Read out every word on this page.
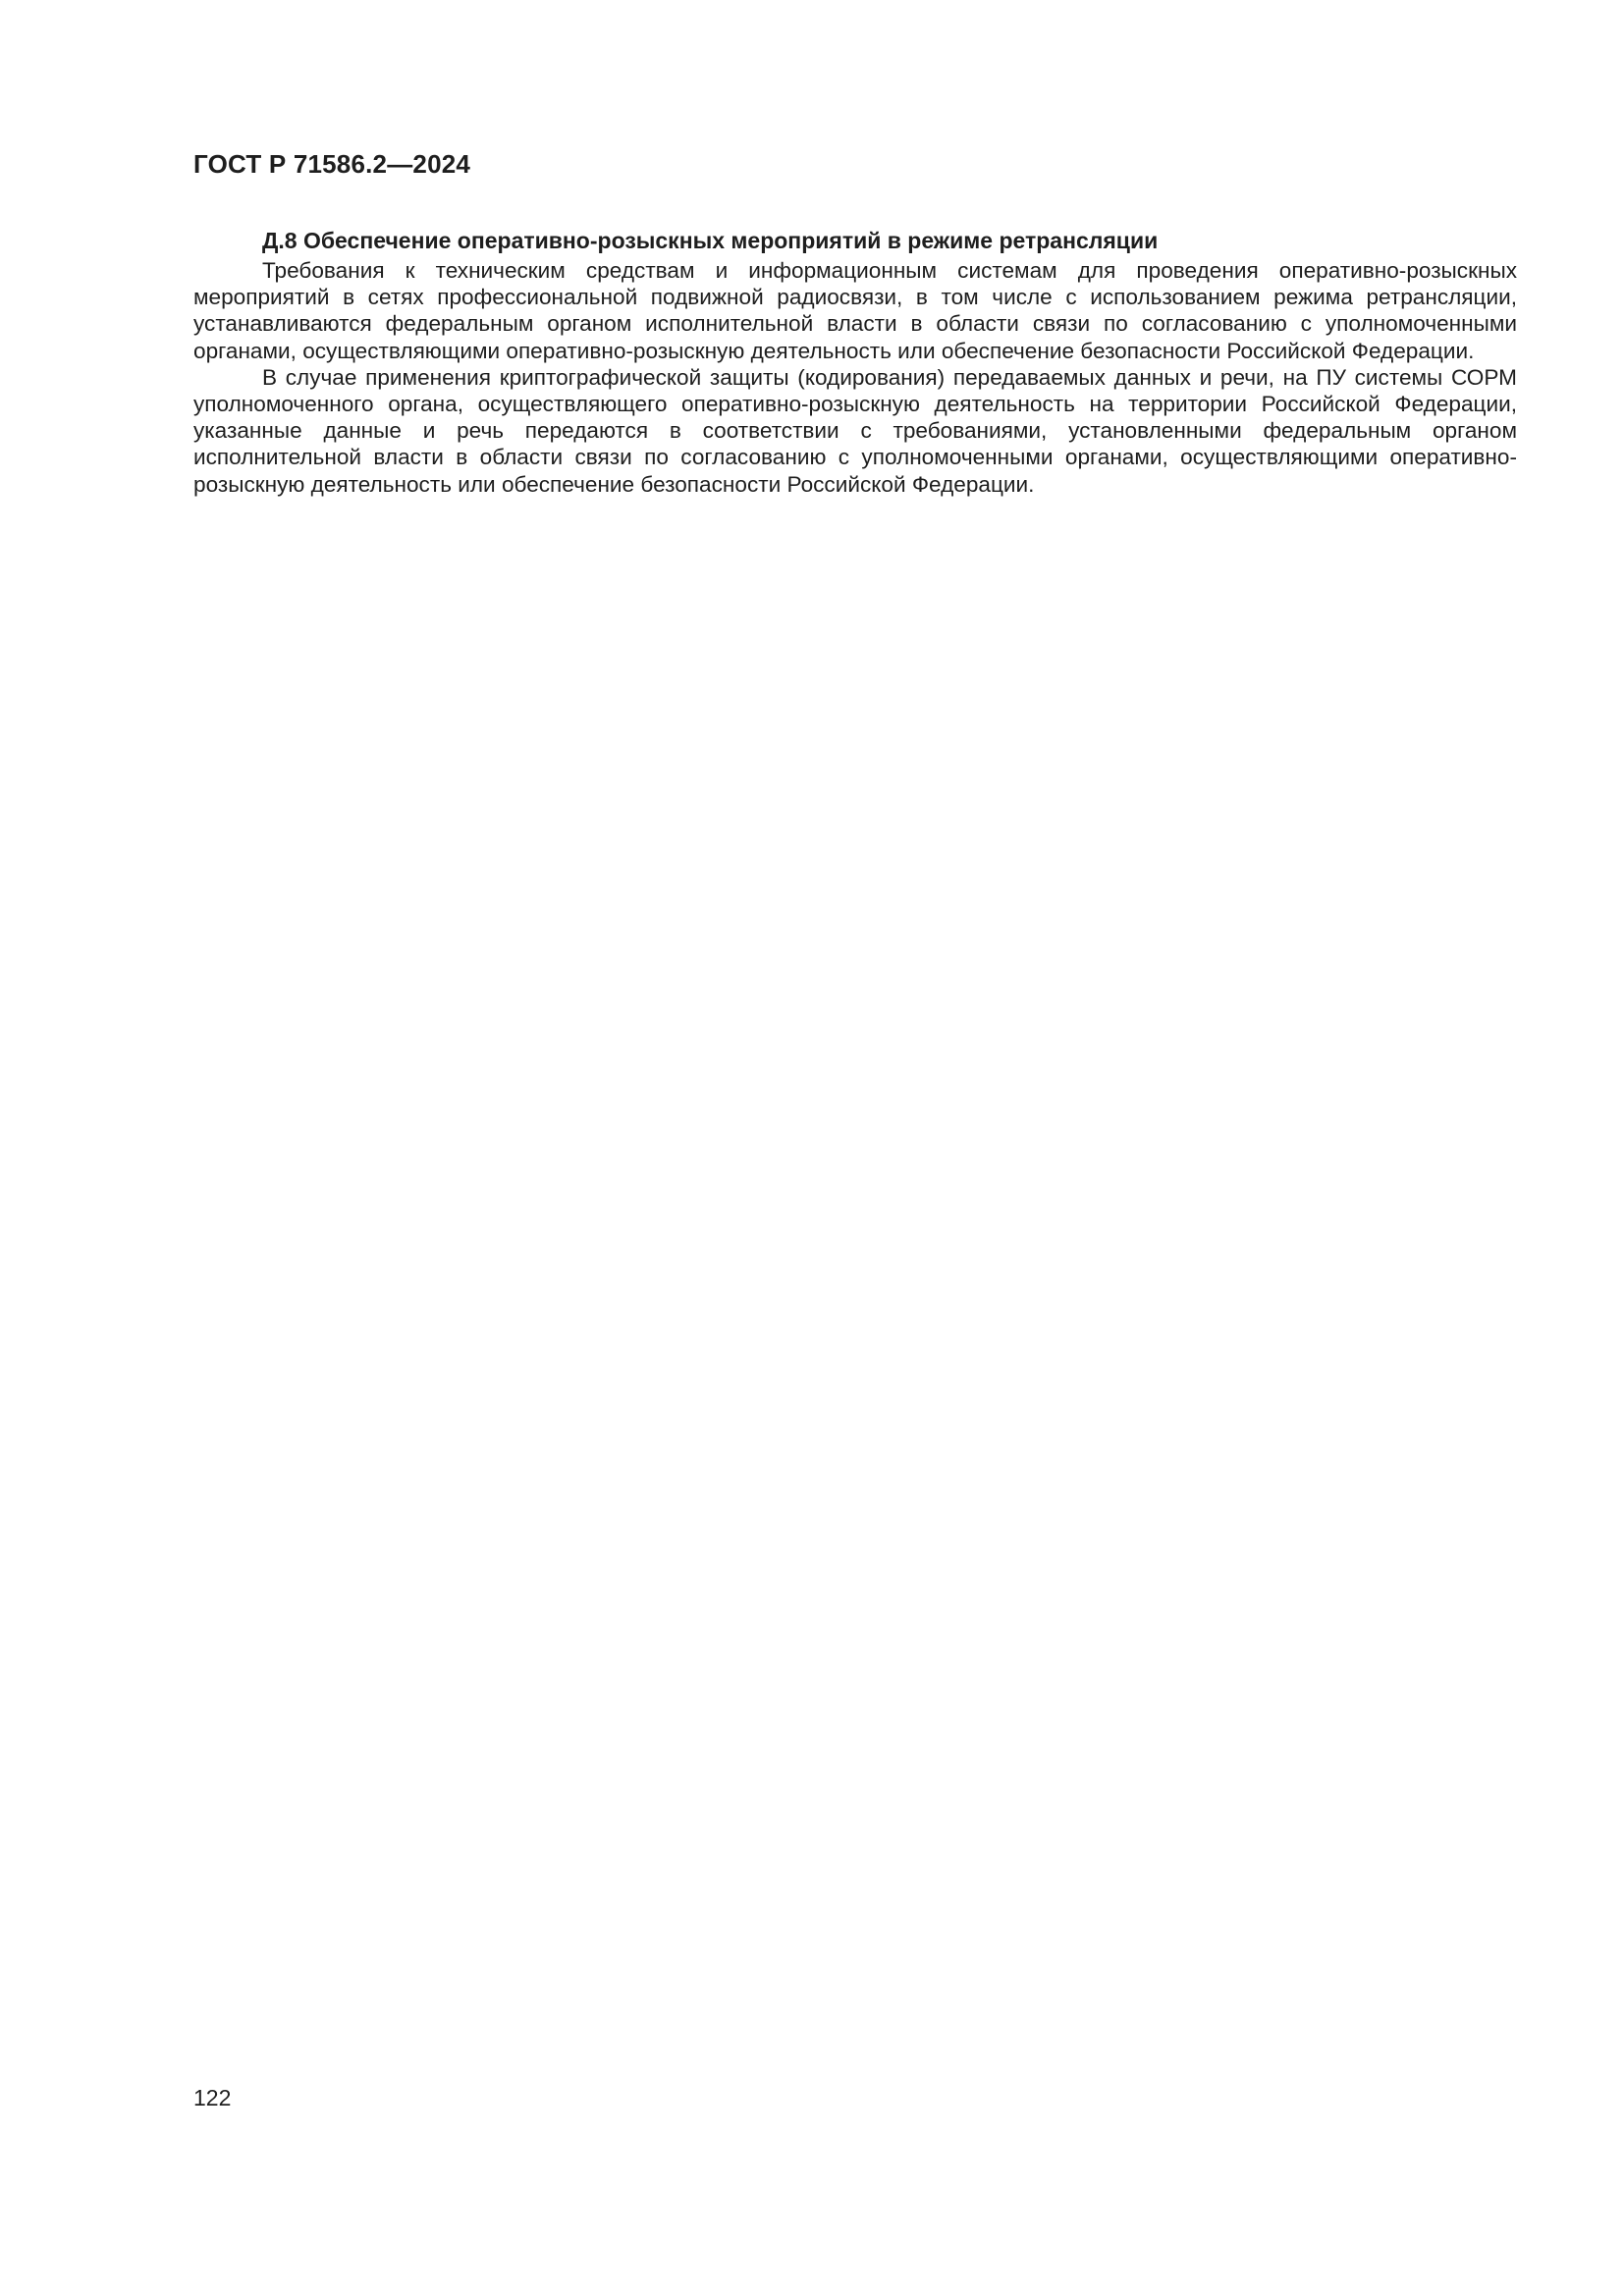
ГОСТ Р 71586.2—2024
Д.8 Обеспечение оперативно-розыскных мероприятий в режиме ретрансляции

Требования к техническим средствам и информационным системам для проведения оперативно-розыскных мероприятий в сетях профессиональной подвижной радиосвязи, в том числе с использованием режима ретрансляции, устанавливаются федеральным органом исполнительной власти в области связи по согласованию с уполномоченными органами, осуществляющими оперативно-розыскную деятельность или обеспечение безопасности Российской Федерации.

В случае применения криптографической защиты (кодирования) передаваемых данных и речи, на ПУ системы СОРМ уполномоченного органа, осуществляющего оперативно-розыскную деятельность на территории Российской Федерации, указанные данные и речь передаются в соответствии с требованиями, установленными федеральным органом исполнительной власти в области связи по согласованию с уполномоченными органами, осуществляющими оперативно-розыскную деятельность или обеспечение безопасности Российской Федерации.

122
